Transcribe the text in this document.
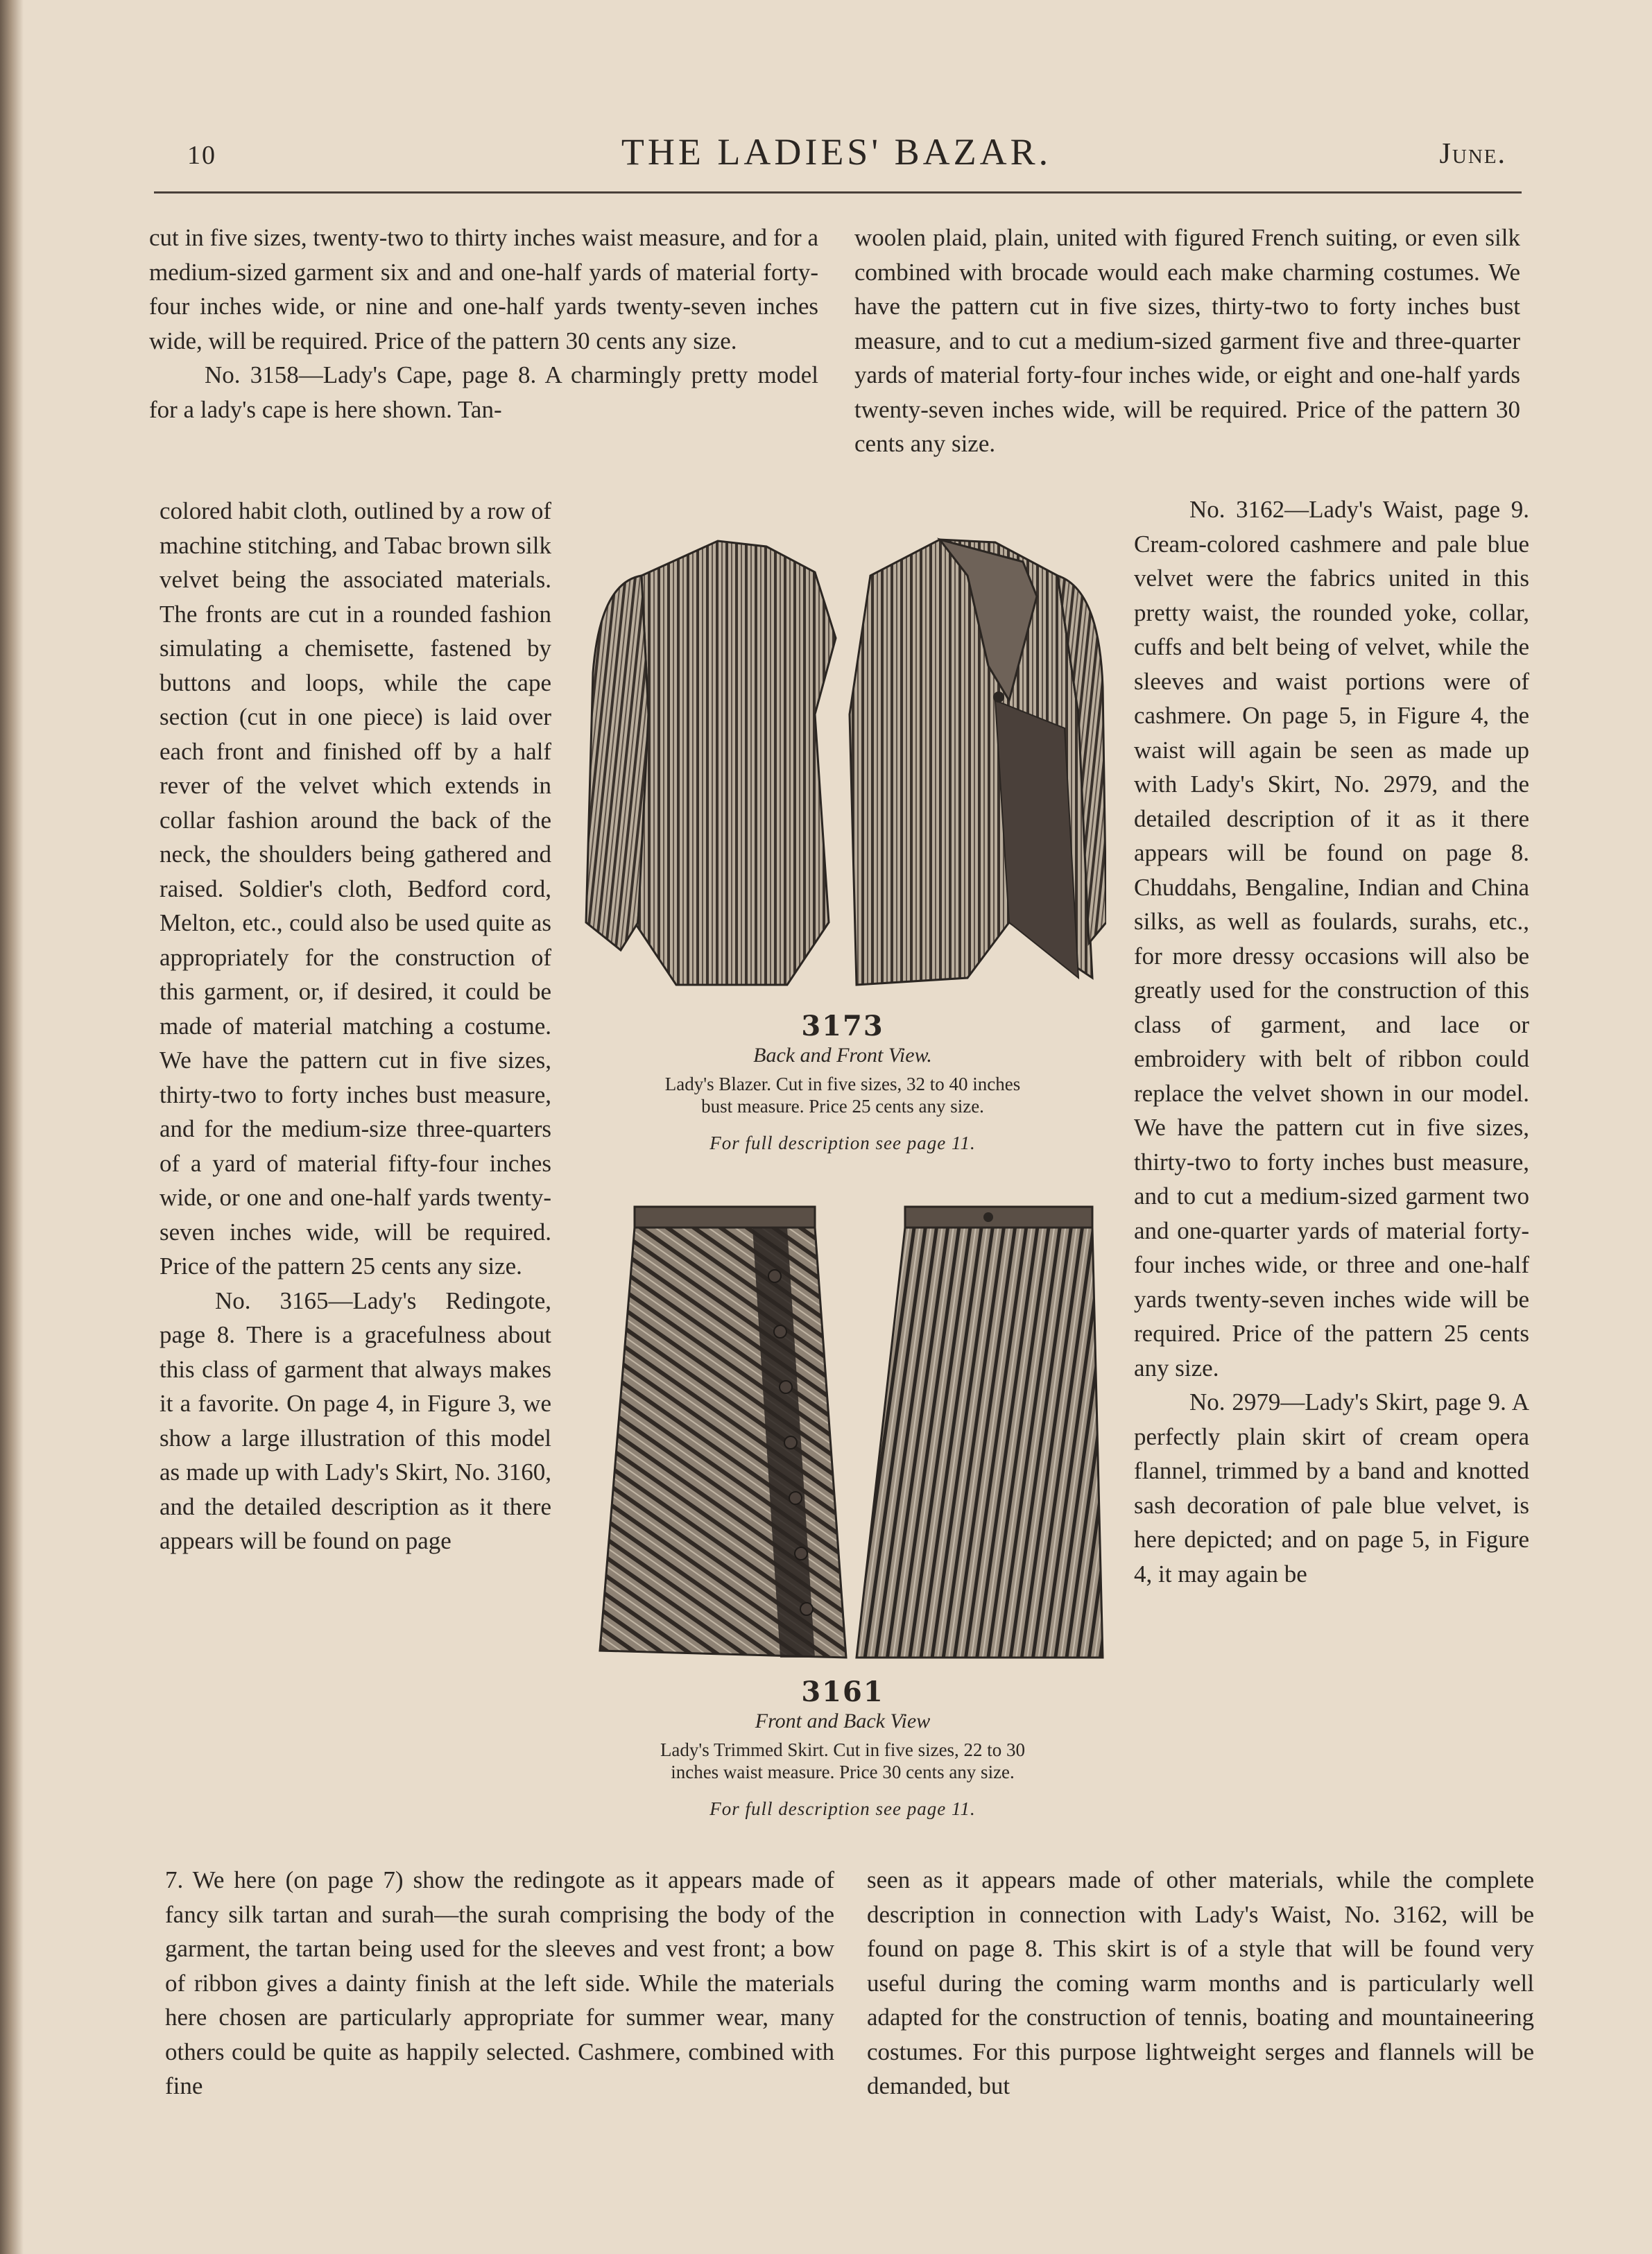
10	THE LADIES' BAZAR.	June.

cut in five sizes, twenty-two to thirty inches waist measure, and for a medium-sized garment six and and one-half yards of material forty-four inches wide, or nine and one-half yards twenty-seven inches wide, will be required. Price of the pattern 30 cents any size.

No. 3158—Lady's Cape, page 8. A charmingly pretty model for a lady's cape is here shown. Tan-

colored habit cloth, outlined by a row of machine stitching, and Tabac brown silk velvet being the associated materials. The fronts are cut in a rounded fashion simulating a chemisette, fastened by buttons and loops, while the cape section (cut in one piece) is laid over each front and finished off by a half rever of the velvet which extends in collar fashion around the back of the neck, the shoulders being gathered and raised. Soldier's cloth, Bedford cord, Melton, etc., could also be used quite as appropriately for the construction of this garment, or, if desired, it could be made of material matching a costume. We have the pattern cut in five sizes, thirty-two to forty inches bust measure, and for the medium-size three-quarters of a yard of material fifty-four inches wide, or one and one-half yards twenty-seven inches wide, will be required. Price of the pattern 25 cents any size.

No. 3165—Lady's Redingote, page 8. There is a gracefulness about this class of garment that always makes it a favorite. On page 4, in Figure 3, we show a large illustration of this model as made up with Lady's Skirt, No. 3160, and the detailed description as it there appears will be found on page

woolen plaid, plain, united with figured French suiting, or even silk combined with brocade would each make charming costumes. We have the pattern cut in five sizes, thirty-two to forty inches bust measure, and to cut a medium-sized garment five and three-quarter yards of material forty-four inches wide, or eight and one-half yards twenty-seven inches wide, will be required. Price of the pattern 30 cents any size.

No. 3162—Lady's Waist, page 9. Cream-colored cashmere and pale blue velvet were the fabrics united in this pretty waist, the rounded yoke, collar, cuffs and belt being of velvet, while the sleeves and waist portions were of cashmere. On page 5, in Figure 4, the waist will again be seen as made up with Lady's Skirt, No. 2979, and the detailed description of it as it there appears will be found on page 8. Chuddahs, Bengaline, Indian and China silks, as well as foulards, surahs, etc., for more dressy occasions will also be greatly used for the construction of this class of garment, and lace or embroidery with belt of ribbon could replace the velvet shown in our model. We have the pattern cut in five sizes, thirty-two to forty inches bust measure, and to cut a medium-sized garment two and one-quarter yards of material forty-four inches wide, or three and one-half yards twenty-seven inches wide will be required. Price of the pattern 25 cents any size.

No. 2979—Lady's Skirt, page 9. A perfectly plain skirt of cream opera flannel, trimmed by a band and knotted sash decoration of pale blue velvet, is here depicted; and on page 5, in Figure 4, it may again be

7. We here (on page 7) show the redingote as it appears made of fancy silk tartan and surah—the surah comprising the body of the garment, the tartan being used for the sleeves and vest front; a bow of ribbon gives a dainty finish at the left side. While the materials here chosen are particularly appropriate for summer wear, many others could be quite as happily selected. Cashmere, combined with fine

seen as it appears made of other materials, while the complete description in connection with Lady's Waist, No. 3162, will be found on page 8. This skirt is of a style that will be found very useful during the coming warm months and is particularly well adapted for the construction of tennis, boating and mountaineering costumes. For this purpose lightweight serges and flannels will be demanded, but

3173
Back and Front View.
Lady's Blazer. Cut in five sizes, 32 to 40 inches
bust measure. Price 25 cents any size.
For full description see page 11.
3161
Front and Back View
Lady's Trimmed Skirt. Cut in five sizes, 22 to 30
inches waist measure. Price 30 cents any size.
For full description see page 11.
